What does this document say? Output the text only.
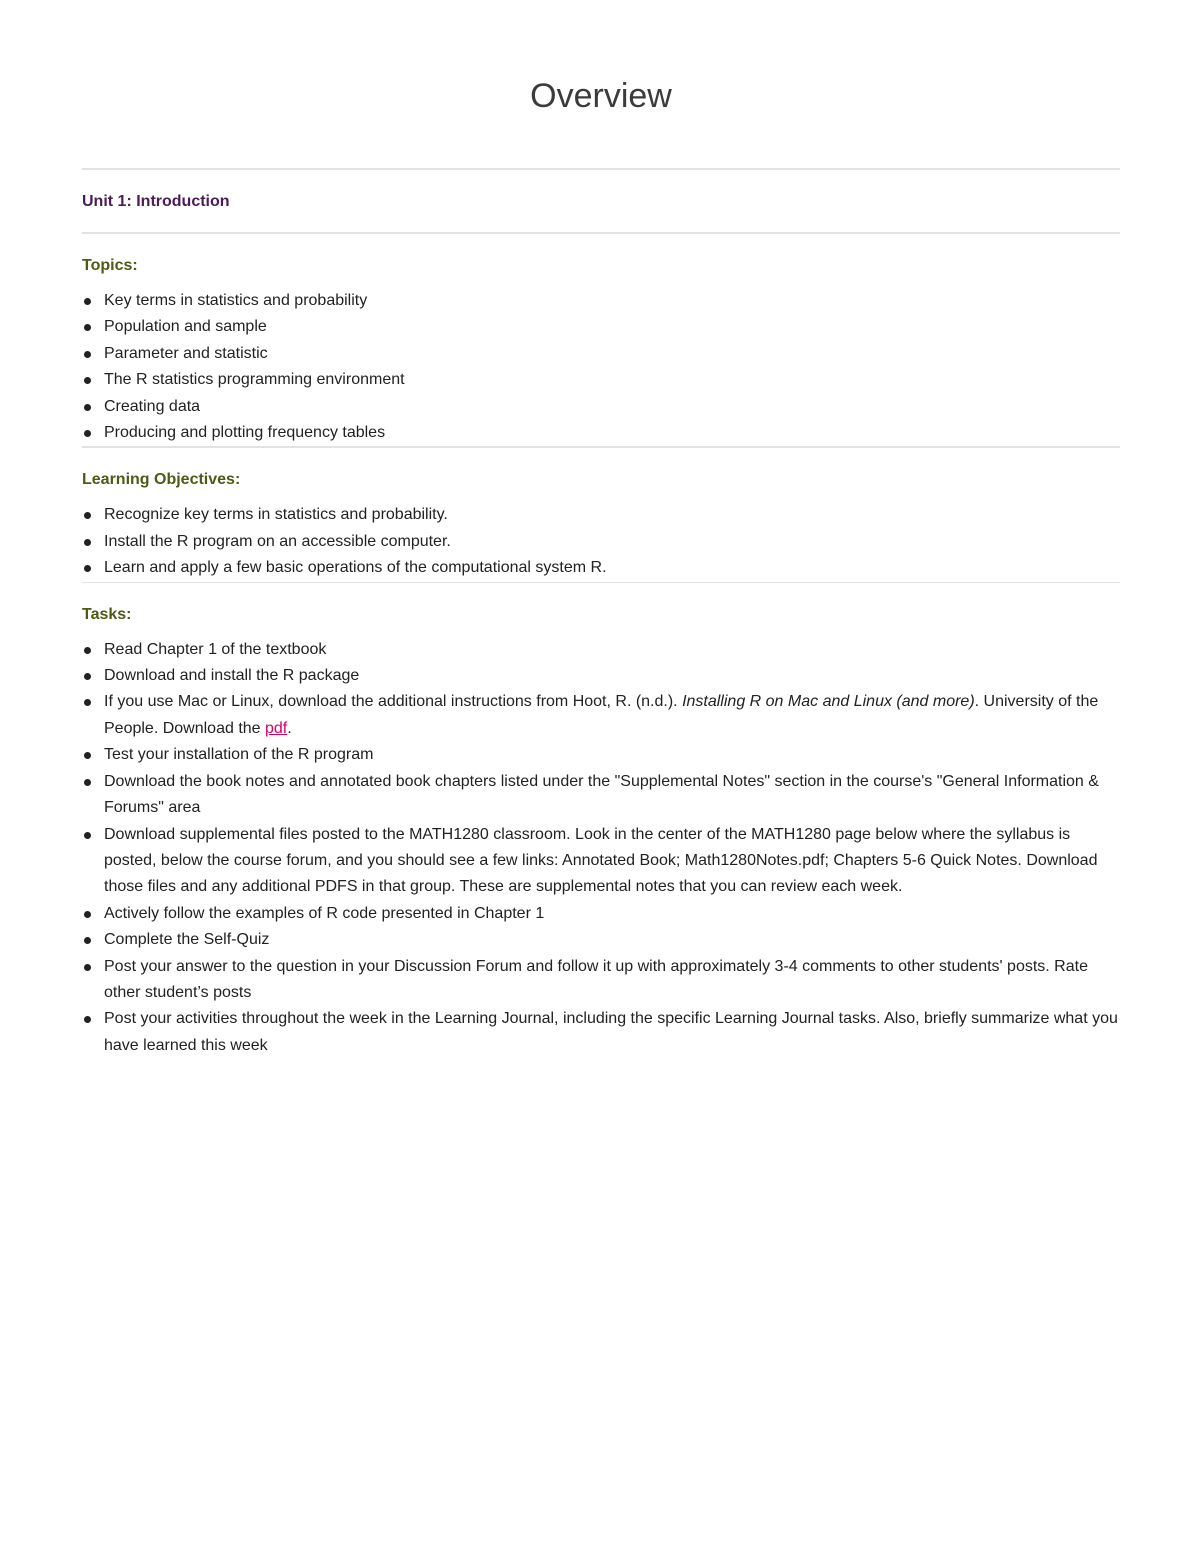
Overview
Unit 1: Introduction
Topics:
Key terms in statistics and probability
Population and sample
Parameter and statistic
The R statistics programming environment
Creating data
Producing and plotting frequency tables
Learning Objectives:
Recognize key terms in statistics and probability.
Install the R program on an accessible computer.
Learn and apply a few basic operations of the computational system R.
Tasks:
Read Chapter 1 of the textbook
Download and install the R package
If you use Mac or Linux, download the additional instructions from Hoot, R. (n.d.). Installing R on Mac and Linux (and more). University of the People. Download the pdf.
Test your installation of the R program
Download the book notes and annotated book chapters listed under the "Supplemental Notes" section in the course's "General Information & Forums" area
Download supplemental files posted to the MATH1280 classroom. Look in the center of the MATH1280 page below where the syllabus is posted, below the course forum, and you should see a few links: Annotated Book; Math1280Notes.pdf; Chapters 5-6 Quick Notes. Download those files and any additional PDFS in that group. These are supplemental notes that you can review each week.
Actively follow the examples of R code presented in Chapter 1
Complete the Self-Quiz
Post your answer to the question in your Discussion Forum and follow it up with approximately 3-4 comments to other students' posts. Rate other student’s posts
Post your activities throughout the week in the Learning Journal, including the specific Learning Journal tasks. Also, briefly summarize what you have learned this week
